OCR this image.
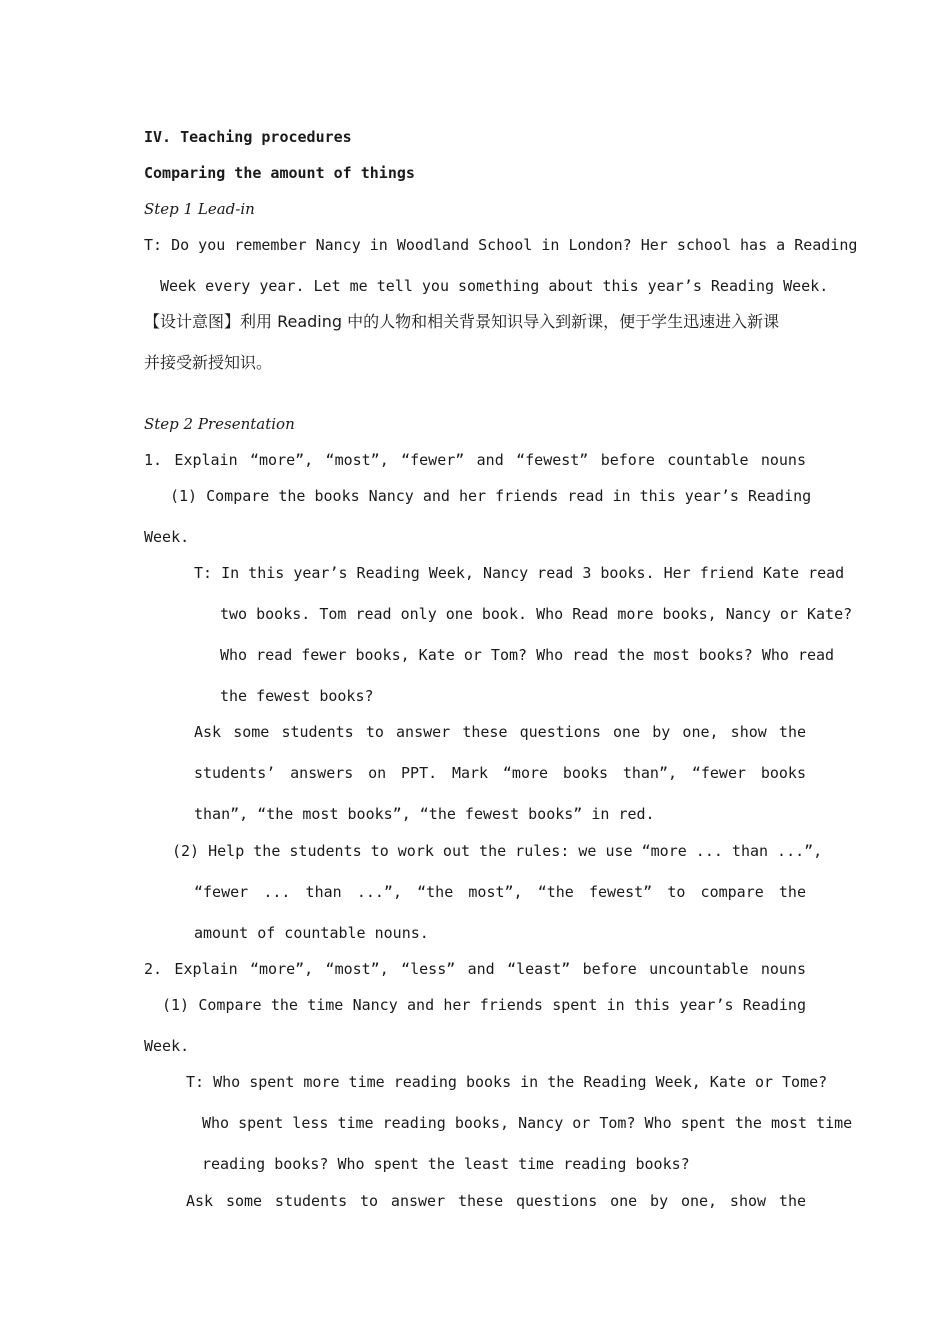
IV. Teaching procedures
Comparing the amount of things
Step 1 Lead-in
T: Do you remember Nancy in Woodland School in London? Her school has a Reading
Week every year. Let me tell you something about this year’s Reading Week.
【设计意图】利用 Reading 中的人物和相关背景知识导入到新课，便于学生迅速进入新课
并接受新授知识。
Step 2 Presentation
1. Explain “more”, “most”, “fewer” and “fewest” before countable nouns
(1) Compare the books Nancy and her friends read in this year’s Reading
Week.
T: In this year’s Reading Week, Nancy read 3 books. Her friend Kate read
two books. Tom read only one book. Who Read more books, Nancy or Kate?
Who read fewer books, Kate or Tom? Who read the most books? Who read
the fewest books?
Ask some students to answer these questions one by one, show the
students’ answers on PPT. Mark “more books than”, “fewer books
than”, “the most books”, “the fewest books” in red.
(2) Help the students to work out the rules: we use “more ... than ...”,
“fewer ... than ...”, “the most”, “the fewest” to compare the
amount of countable nouns.
2. Explain “more”, “most”, “less” and “least” before uncountable nouns
(1) Compare the time Nancy and her friends spent in this year’s Reading
Week.
T: Who spent more time reading books in the Reading Week, Kate or Tome?
Who spent less time reading books, Nancy or Tom? Who spent the most time
reading books? Who spent the least time reading books?
Ask some students to answer these questions one by one, show the
